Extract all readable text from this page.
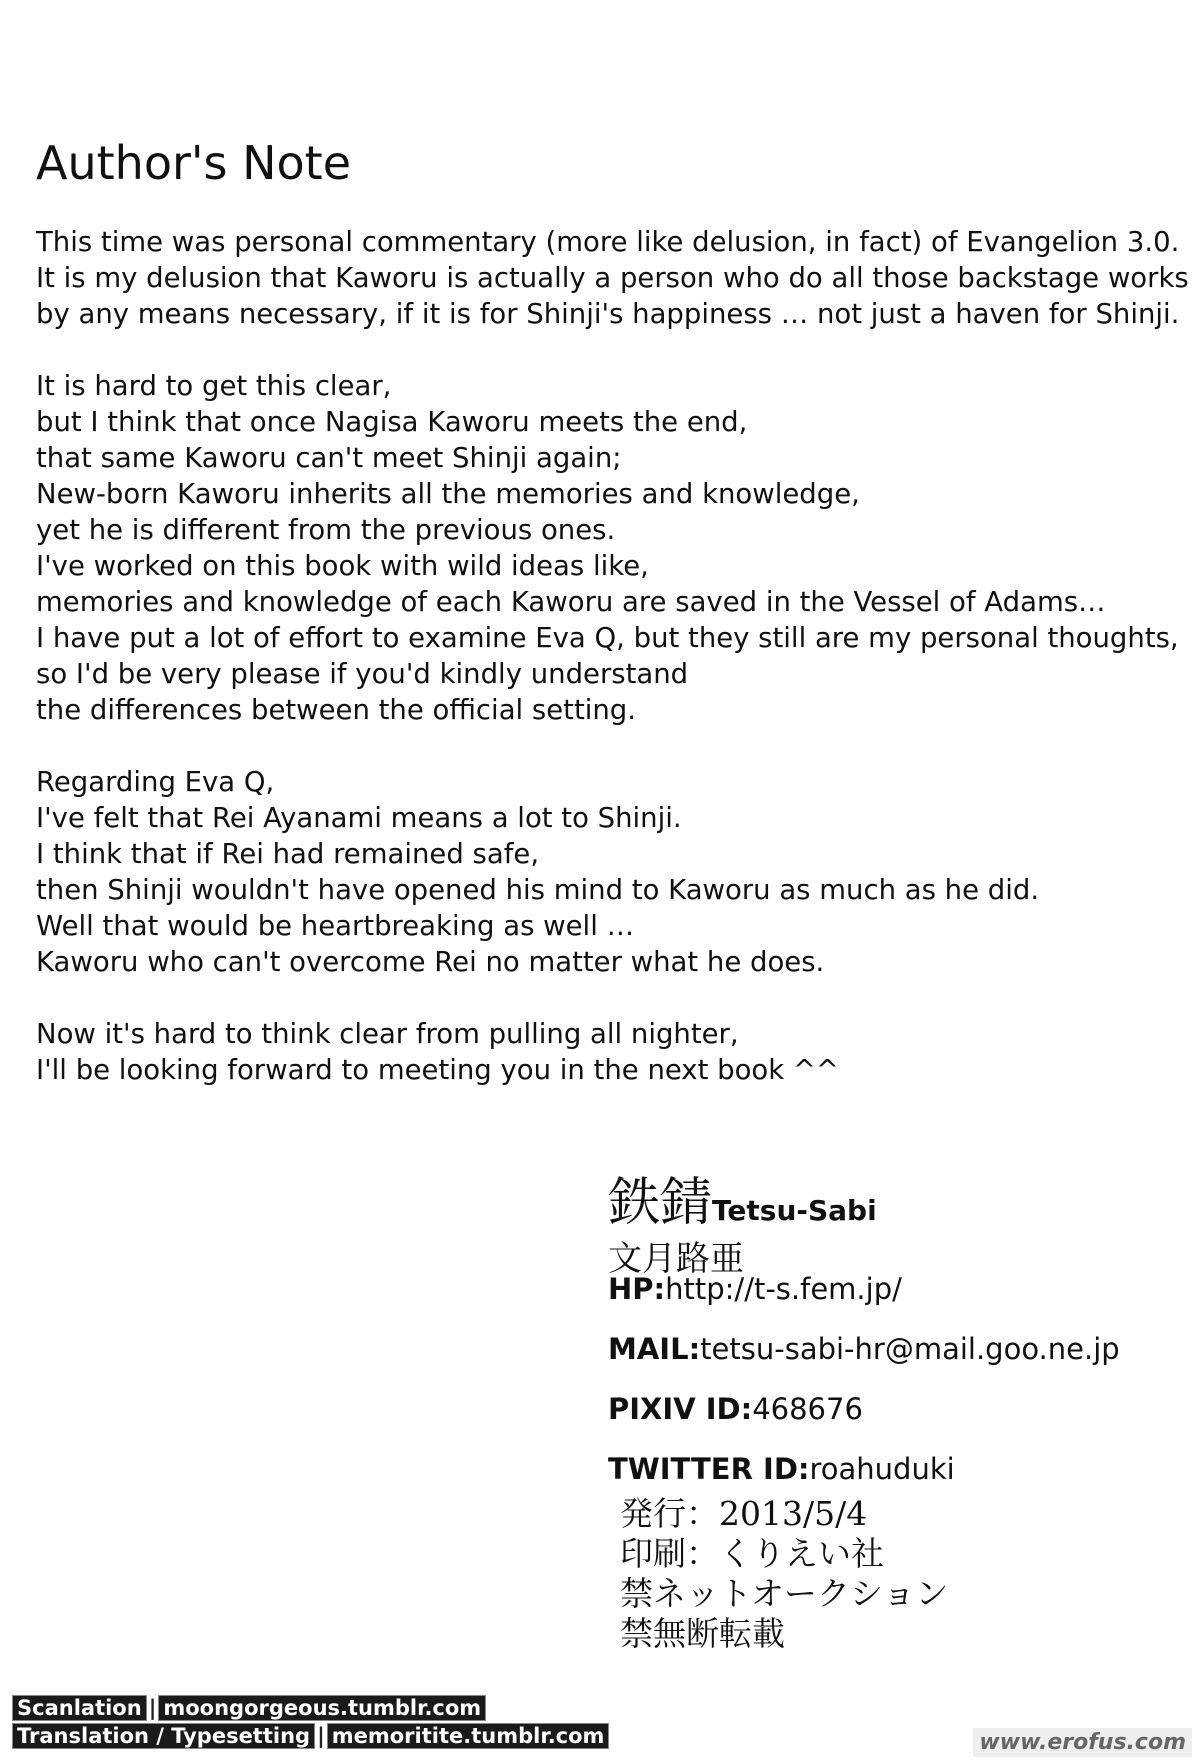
Author's Note
This time was personal commentary (more like delusion, in fact) of Evangelion 3.0.
It is my delusion that Kaworu is actually a person who do all those backstage works
by any means necessary, if it is for Shinji's happiness … not just a haven for Shinji.
It is hard to get this clear,
but I think that once Nagisa Kaworu meets the end,
that same Kaworu can't meet Shinji again;
New-born Kaworu inherits all the memories and knowledge,
yet he is different from the previous ones.
I've worked on this book with wild ideas like,
memories and knowledge of each Kaworu are saved in the Vessel of Adams…
I have put a lot of effort to examine Eva Q, but they still are my personal thoughts,
so I'd be very please if you'd kindly understand
the differences between the official setting.
Regarding Eva Q,
I've felt that Rei Ayanami means a lot to Shinji.
I think that if Rei had remained safe,
then Shinji wouldn't have opened his mind to Kaworu as much as he did.
Well that would be heartbreaking as well …
Kaworu who can't overcome Rei no matter what he does.
Now it's hard to think clear from pulling all nighter,
I'll be looking forward to meeting you in the next book ^^
鉄錆Tetsu-Sabi
文月路亜
HP:http://t-s.fem.jp/
MAIL:tetsu-sabi-hr@mail.goo.ne.jp
PIXIV ID:468676
TWITTER ID:roahuduki
発行：2013/5/4
印刷：くりえい社
禁ネットオークション
禁無断転載
Scanlation | moongorgeous.tumblr.com
Translation / Typesetting | memoritite.tumblr.com	www.erofus.com
